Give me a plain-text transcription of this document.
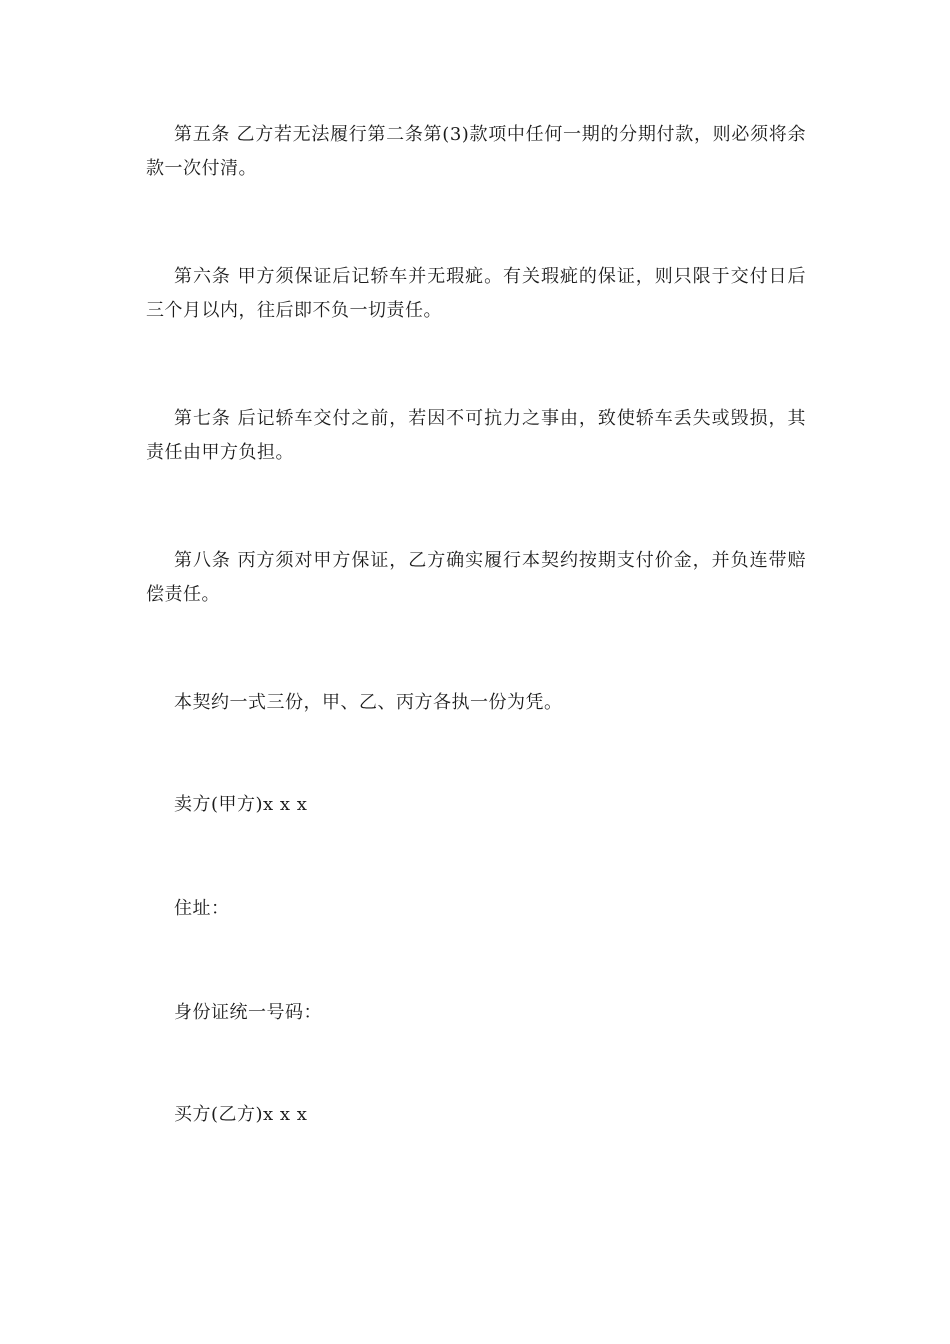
第五条 乙方若无法履行第二条第(3)款项中任何一期的分期付款，则必须将余款一次付清。

第六条 甲方须保证后记轿车并无瑕疵。有关瑕疵的保证，则只限于交付日后三个月以内，往后即不负一切责任。

第七条 后记轿车交付之前，若因不可抗力之事由，致使轿车丢失或毁损，其责任由甲方负担。

第八条 丙方须对甲方保证，乙方确实履行本契约按期支付价金，并负连带赔偿责任。

本契约一式三份，甲、乙、丙方各执一份为凭。

卖方(甲方)x x x

住址：

身份证统一号码：

买方(乙方)x x x
